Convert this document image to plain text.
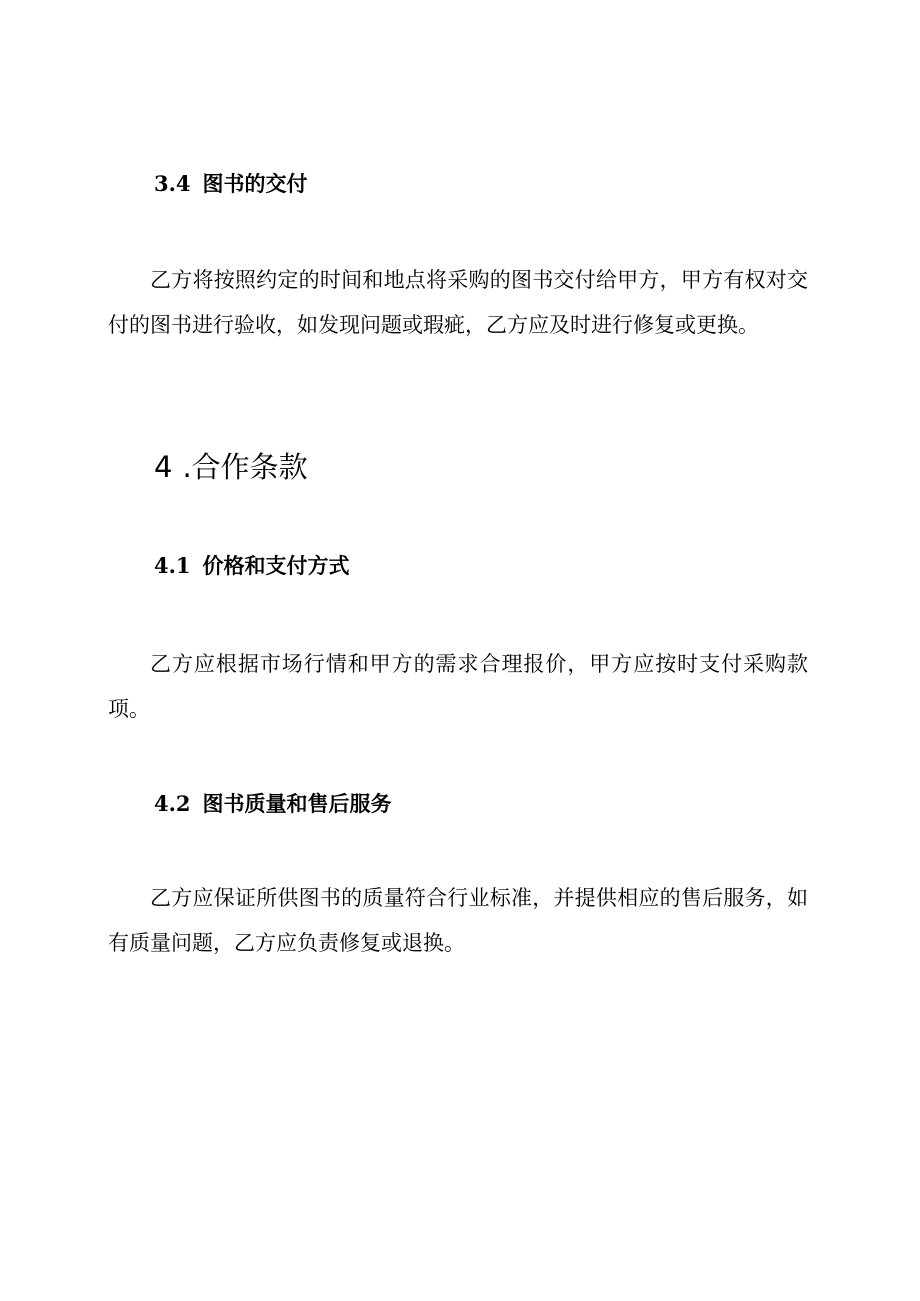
3.4 图书的交付

乙方将按照约定的时间和地点将采购的图书交付给甲方，甲方有权对交付的图书进行验收，如发现问题或瑕疵，乙方应及时进行修复或更换。

4 .合作条款
4.1 价格和支付方式

乙方应根据市场行情和甲方的需求合理报价，甲方应按时支付采购款项。

4.2 图书质量和售后服务

乙方应保证所供图书的质量符合行业标准，并提供相应的售后服务，如有质量问题，乙方应负责修复或退换。
